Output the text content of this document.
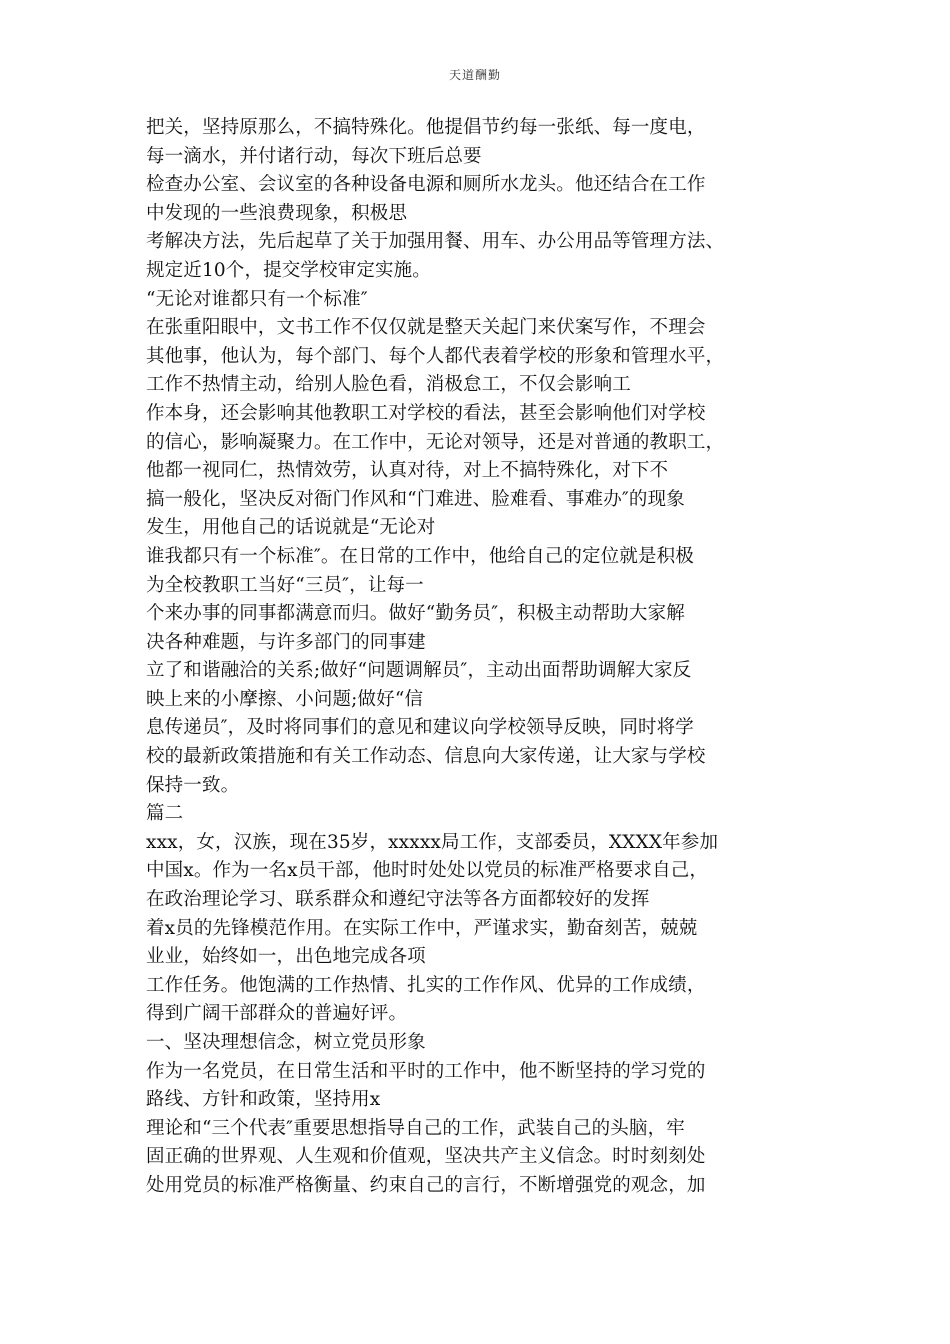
天道酬勤
把关，坚持原那么，不搞特殊化。他提倡节约每一张纸、每一度电，
每一滴水，并付诸行动，每次下班后总要
检查办公室、会议室的各种设备电源和厕所水龙头。他还结合在工作
中发现的一些浪费现象，积极思
考解决方法，先后起草了关于加强用餐、用车、办公用品等管理方法、
规定近10个，提交学校审定实施。
“无论对谁都只有一个标准″
在张重阳眼中，文书工作不仅仅就是整天关起门来伏案写作，不理会
其他事，他认为，每个部门、每个人都代表着学校的形象和管理水平，
工作不热情主动，给别人脸色看，消极怠工，不仅会影响工
作本身，还会影响其他教职工对学校的看法，甚至会影响他们对学校
的信心，影响凝聚力。在工作中，无论对领导，还是对普通的教职工，
他都一视同仁，热情效劳，认真对待，对上不搞特殊化，对下不
搞一般化，坚决反对衙门作风和“门难进、脸难看、事难办″的现象
发生，用他自己的话说就是“无论对
谁我都只有一个标准″。在日常的工作中，他给自己的定位就是积极
为全校教职工当好“三员″，让每一
个来办事的同事都满意而归。做好“勤务员″，积极主动帮助大家解
决各种难题，与许多部门的同事建
立了和谐融洽的关系;做好“问题调解员″，主动出面帮助调解大家反
映上来的小摩擦、小问题;做好“信
息传递员″，及时将同事们的意见和建议向学校领导反映，同时将学
校的最新政策措施和有关工作动态、信息向大家传递，让大家与学校
保持一致。
篇二
xxx，女，汉族，现在35岁，xxxxx局工作，支部委员，XXXX年参加
中国x。作为一名x员干部，他时时处处以党员的标准严格要求自己，
在政治理论学习、联系群众和遵纪守法等各方面都较好的发挥
着x员的先锋模范作用。在实际工作中，严谨求实，勤奋刻苦，兢兢
业业，始终如一，出色地完成各项
工作任务。他饱满的工作热情、扎实的工作作风、优异的工作成绩，
得到广阔干部群众的普遍好评。
一、坚决理想信念，树立党员形象
作为一名党员，在日常生活和平时的工作中，他不断坚持的学习党的
路线、方针和政策，坚持用x
理论和“三个代表″重要思想指导自己的工作，武装自己的头脑，牢
固正确的世界观、人生观和价值观，坚决共产主义信念。时时刻刻处
处用党员的标准严格衡量、约束自己的言行，不断增强党的观念，加
